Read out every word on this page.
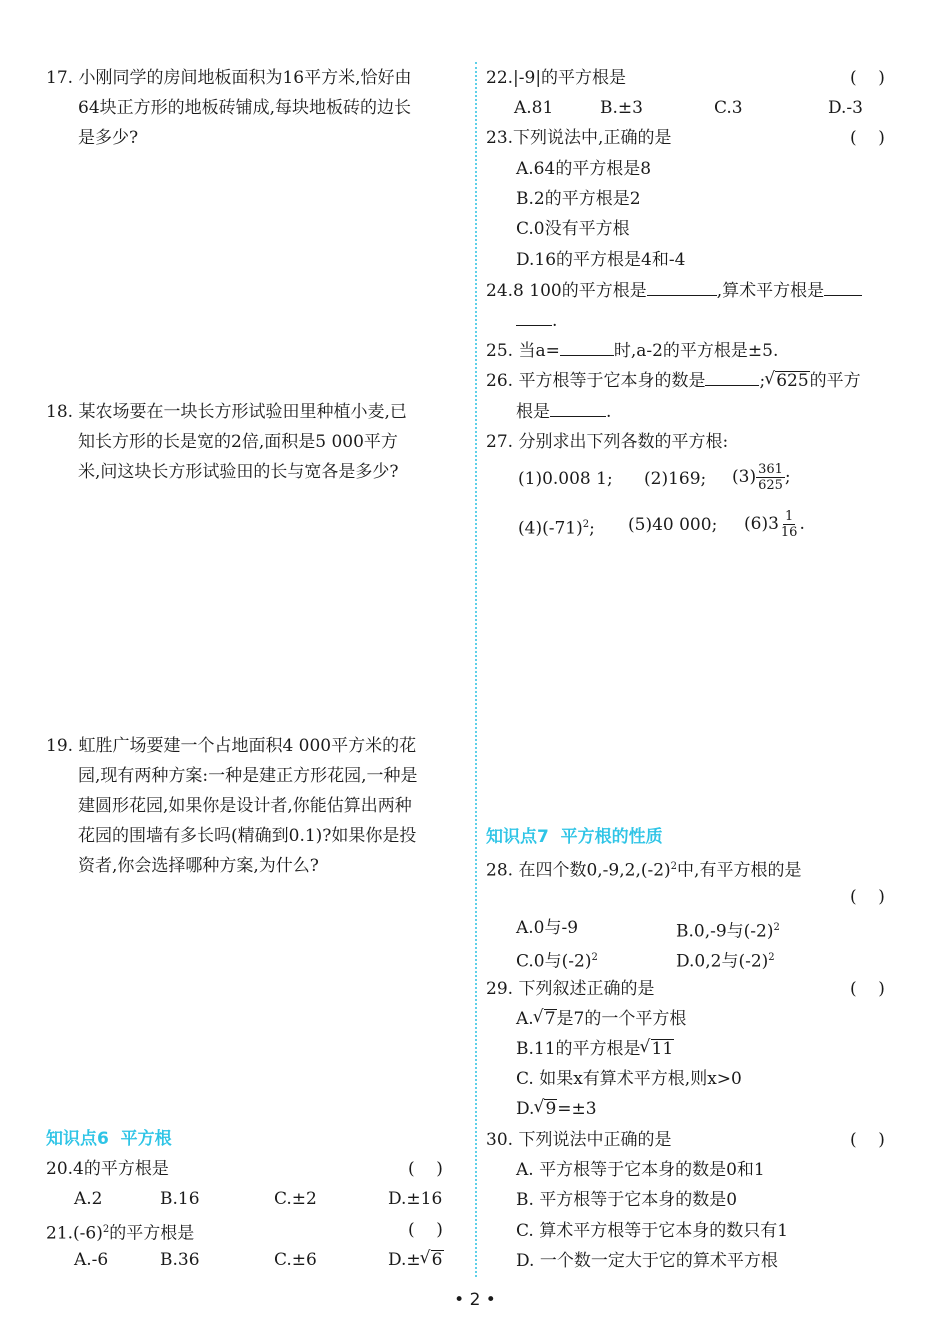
17. 小刚同学的房间地板面积为16平方米,恰好由
64块正方形的地板砖铺成,每块地板砖的边长
是多少?
18. 某农场要在一块长方形试验田里种植小麦,已
知长方形的长是宽的2倍,面积是5 000平方
米,问这块长方形试验田的长与宽各是多少?
19. 虹胜广场要建一个占地面积4 000平方米的花
园,现有两种方案:一种是建正方形花园,一种是
建圆形花园,如果你是设计者,你能估算出两种
花园的围墙有多长吗(精确到0.1)?如果你是投
资者,你会选择哪种方案,为什么?
知识点6  平方根
20.4的平方根是	(    )
A.2	B.16	C.±2	D.±16
$21.(-6)^2$的平方根是	(    )
A.-6	B.36	C.±6	D.± √ 6
22.|-9|的平方根是	(    )
A.81	B.±3	C.3	D.-3
23.下列说法中,正确的是	(    )
A.64的平方根是8
B.2的平方根是2
C.0没有平方根
D.16的平方根是4和-4
24.8 100的平方根是	,算术平方根是
.
25. 当a=	时,a-2的平方根是±5.
26. 平方根等于它本身的数是	; √ 625的平方
根是	.
27. 分别求出下列各数的平方根:
(1)0.008 1; (2)169; $(3) \frac{361}{625}$ ;
$(4)(-71)^2$; (5)40 000; $(6)3 \frac{1}{16}$ .
知识点7  平方根的性质
28. 在四个数$0,-9,2,(-2)^2$中,有平方根的是
(    )
A.0与-9	B.0,-9与$(-2)^2$
C.0与$(-2)^2$	D.0,2与$(-2)^2$
29. 下列叙述正确的是	(    )
A. √ 7是7的一个平方根
B.11的平方根是 √ 11
C. 如果x有算术平方根,则x>0
D. √ 9=±3
30. 下列说法中正确的是	(    )
A. 平方根等于它本身的数是0和1
B. 平方根等于它本身的数是0
C. 算术平方根等于它本身的数只有1
D. 一个数一定大于它的算术平方根
• 2 •
